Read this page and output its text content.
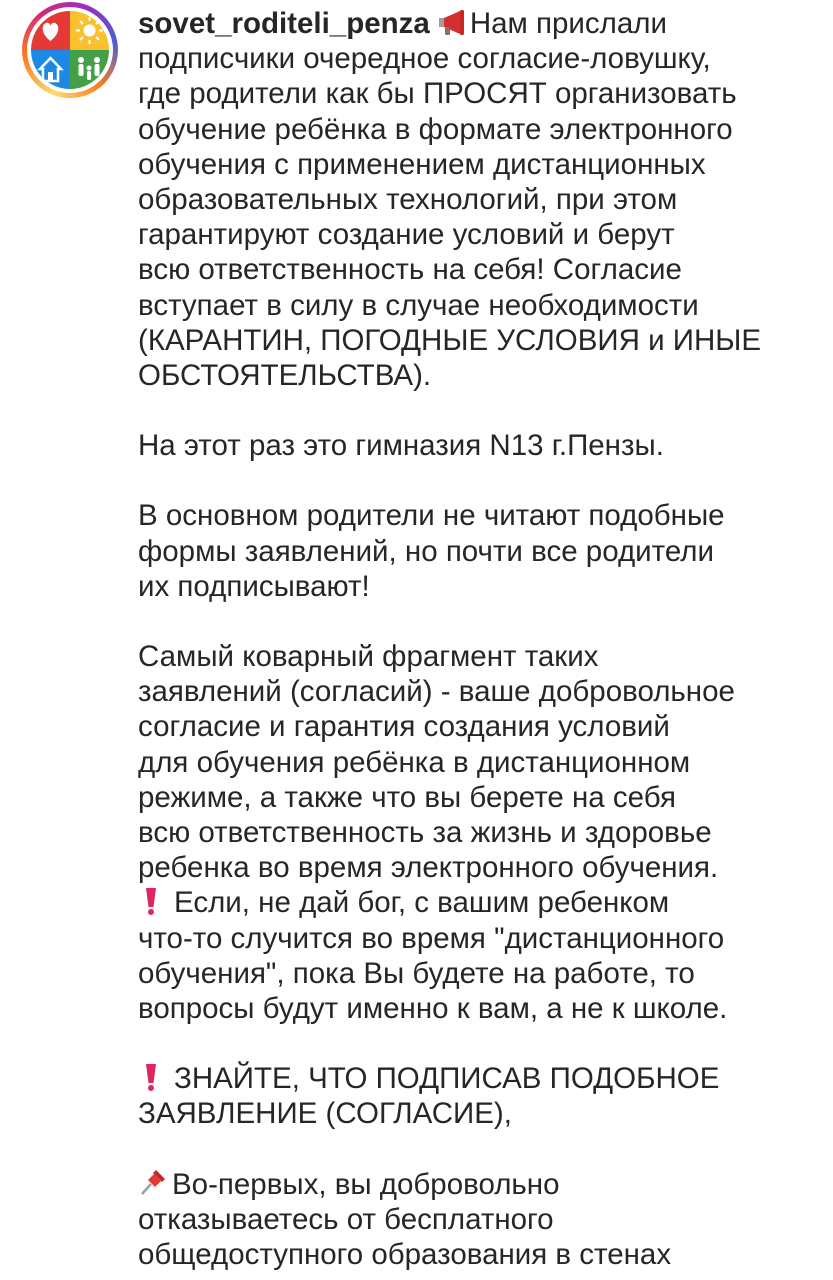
sovet_roditeli_penza Нам прислали
подписчики очередное согласие-ловушку,
где родители как бы ПРОСЯТ организовать
обучение ребёнка в формате электронного
обучения с применением дистанционных
образовательных технологий, при этом
гарантируют создание условий и берут
всю ответственность на себя! Согласие
вступает в силу в случае необходимости
(КАРАНТИН, ПОГОДНЫЕ УСЛОВИЯ и ИНЫЕ
ОБСТОЯТЕЛЬСТВА).

На этот раз это гимназия N13 г.Пензы.

В основном родители не читают подобные
формы заявлений, но почти все родители
их подписывают!

Самый коварный фрагмент таких
заявлений (согласий) - ваше добровольное
согласие и гарантия создания условий
для обучения ребёнка в дистанционном
режиме, а также что вы берете на себя
всю ответственность за жизнь и здоровье
ребенка во время электронного обучения.

Если, не дай бог, с вашим ребенком
что-то случится во время "дистанционного
обучения", пока Вы будете на работе, то
вопросы будут именно к вам, а не к школе.

ЗНАЙТЕ, ЧТО ПОДПИСАВ ПОДОБНОЕ
ЗАЯВЛЕНИЕ (СОГЛАСИЕ),

Во-первых, вы добровольно
отказываетесь от бесплатного
общедоступного образования в стенах
